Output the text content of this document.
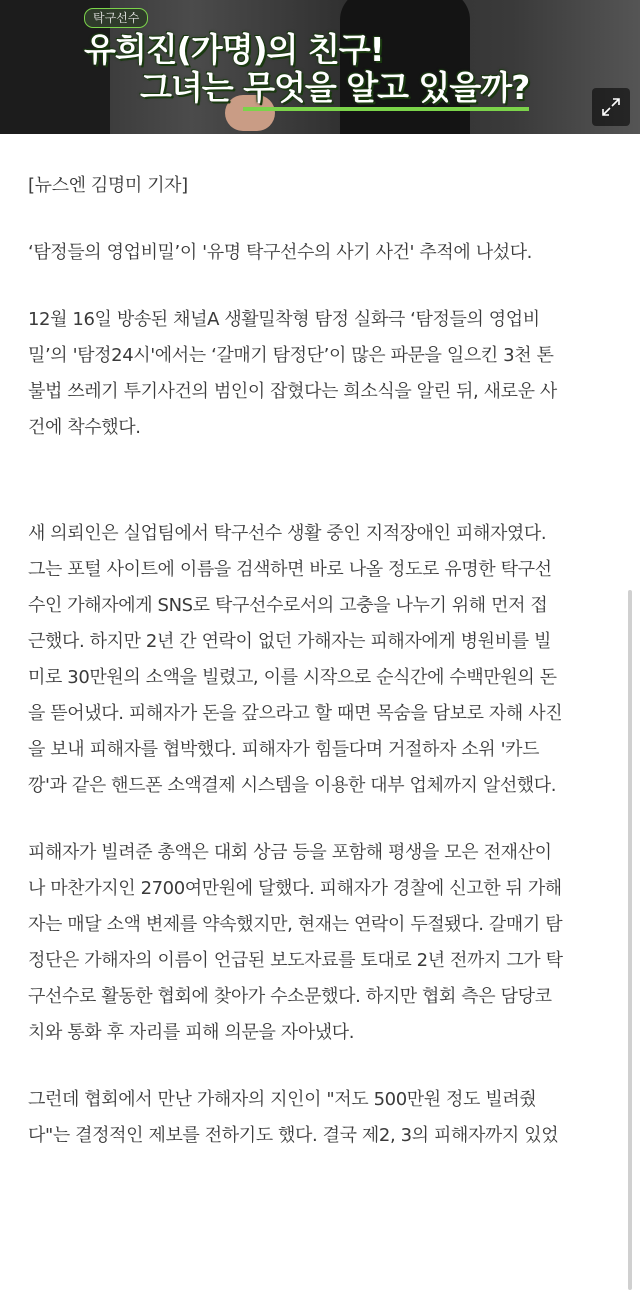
탁구선수
유희진(가명)의 친구!
그녀는 무엇을 알고 있을까?

[뉴스엔 김명미 기자]

‘탐정들의 영업비밀’이 '유명 탁구선수의 사기 사건' 추적에 나섰다.

12월 16일 방송된 채널A 생활밀착형 탐정 실화극 ‘탐정들의 영업비

밀’의 '탐정24시'에서는 ‘갈매기 탐정단’이 많은 파문을 일으킨 3천 톤

불법 쓰레기 투기사건의 범인이 잡혔다는 희소식을 알린 뒤, 새로운 사

건에 착수했다.

새 의뢰인은 실업팀에서 탁구선수 생활 중인 지적장애인 피해자였다.

그는 포털 사이트에 이름을 검색하면 바로 나올 정도로 유명한 탁구선

수인 가해자에게 SNS로 탁구선수로서의 고충을 나누기 위해 먼저 접

근했다. 하지만 2년 간 연락이 없던 가해자는 피해자에게 병원비를 빌

미로 30만원의 소액을 빌렸고, 이를 시작으로 순식간에 수백만원의 돈

을 뜯어냈다. 피해자가 돈을 갚으라고 할 때면 목숨을 담보로 자해 사진

을 보내 피해자를 협박했다. 피해자가 힘들다며 거절하자 소위 '카드

깡'과 같은 핸드폰 소액결제 시스템을 이용한 대부 업체까지 알선했다.

피해자가 빌려준 총액은 대회 상금 등을 포함해 평생을 모은 전재산이

나 마찬가지인 2700여만원에 달했다. 피해자가 경찰에 신고한 뒤 가해

자는 매달 소액 변제를 약속했지만, 현재는 연락이 두절됐다. 갈매기 탐

정단은 가해자의 이름이 언급된 보도자료를 토대로 2년 전까지 그가 탁

구선수로 활동한 협회에 찾아가 수소문했다. 하지만 협회 측은 담당코

치와 통화 후 자리를 피해 의문을 자아냈다.

그런데 협회에서 만난 가해자의 지인이 "저도 500만원 정도 빌려줬

다"는 결정적인 제보를 전하기도 했다. 결국 제2, 3의 피해자까지 있었
